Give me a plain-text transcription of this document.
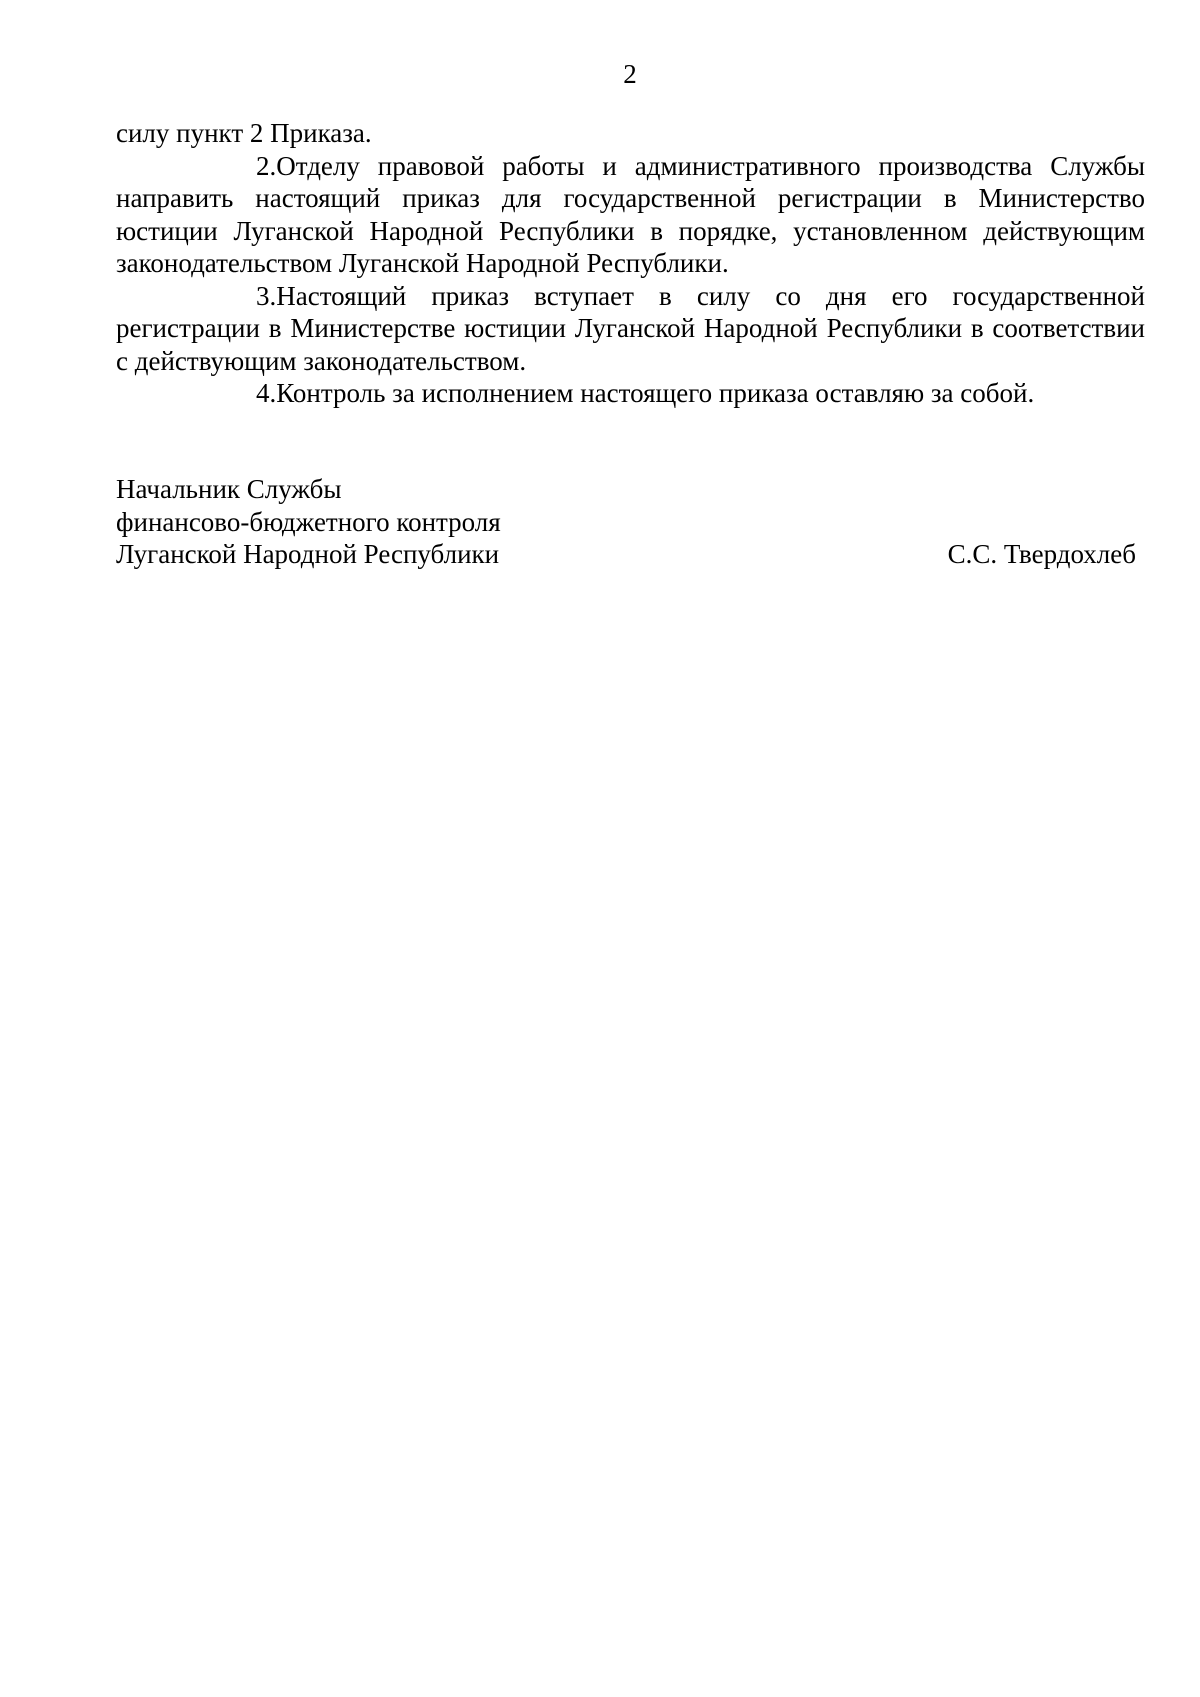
2

силу пункт 2 Приказа.

2.Отделу правовой работы и административного производства Службы направить настоящий приказ для государственной регистрации в Министерство юстиции Луганской Народной Республики в порядке, установленном действующим законодательством Луганской Народной Республики.

3.Настоящий приказ вступает в силу со дня его государственной регистрации в Министерстве юстиции Луганской Народной Республики в соответствии с действующим законодательством.

4.Контроль за исполнением настоящего приказа оставляю за собой.

Начальник Службы
финансово-бюджетного контроля
Луганской Народной Республики	С.С. Твердохлеб
